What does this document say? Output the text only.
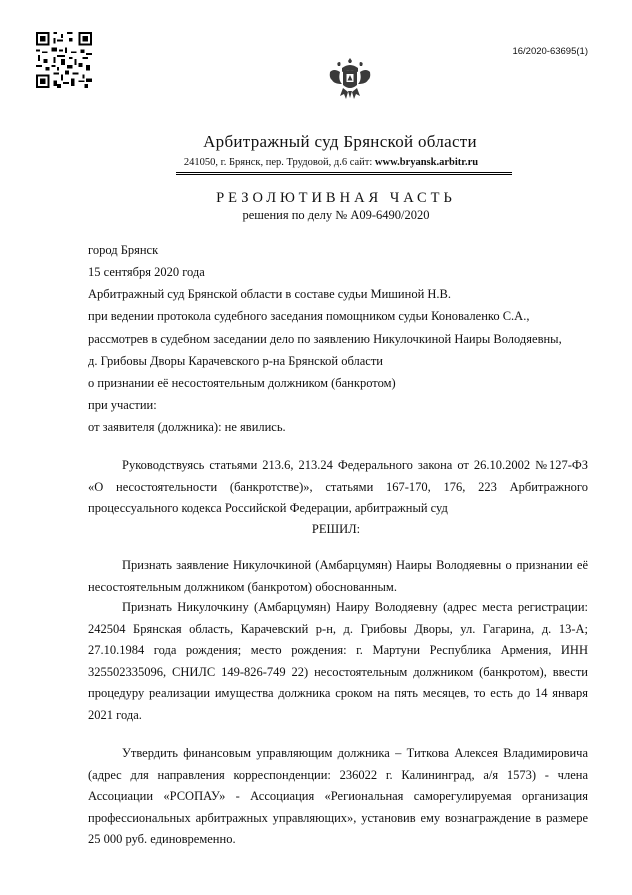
16/2020-63695(1)
Арбитражный суд Брянской области
241050, г. Брянск, пер. Трудовой, д.6 сайт: www.bryansk.arbitr.ru
РЕЗОЛЮТИВНАЯ ЧАСТЬ
решения по делу № А09-6490/2020
город Брянск
15 сентября 2020 года
Арбитражный суд Брянской области в составе судьи Мишиной Н.В.
при ведении протокола судебного заседания помощником судьи Коноваленко С.А.,
рассмотрев в судебном заседании дело по заявлению Никулочкиной Наиры Володяевны,
д. Грибовы Дворы Карачевского р-на Брянской области
о признании её несостоятельным должником (банкротом)
при участии:
от заявителя (должника): не явились.
Руководствуясь статьями 213.6, 213.24 Федерального закона от 26.10.2002 №127-ФЗ «О несостоятельности (банкротстве)», статьями 167-170, 176, 223 Арбитражного процессуального кодекса Российской Федерации, арбитражный суд
РЕШИЛ:
Признать заявление Никулочкиной (Амбарцумян) Наиры Володяевны о признании её несостоятельным должником (банкротом) обоснованным.
Признать Никулочкину (Амбарцумян) Наиру Володяевну (адрес места регистрации: 242504 Брянская область, Карачевский р-н, д. Грибовы Дворы, ул. Гагарина, д. 13-А; 27.10.1984 года рождения; место рождения: г. Мартуни Республика Армения, ИНН 325502335096, СНИЛС 149-826-749 22) несостоятельным должником (банкротом), ввести процедуру реализации имущества должника сроком на пять месяцев, то есть до 14 января 2021 года.
Утвердить финансовым управляющим должника – Титкова Алексея Владимировича (адрес для направления корреспонденции: 236022 г. Калининград, а/я 1573) - члена Ассоциации «РСОПАУ» - Ассоциация «Региональная саморегулируемая организация профессиональных арбитражных управляющих», установив ему вознаграждение в размере 25 000 руб. единовременно.
